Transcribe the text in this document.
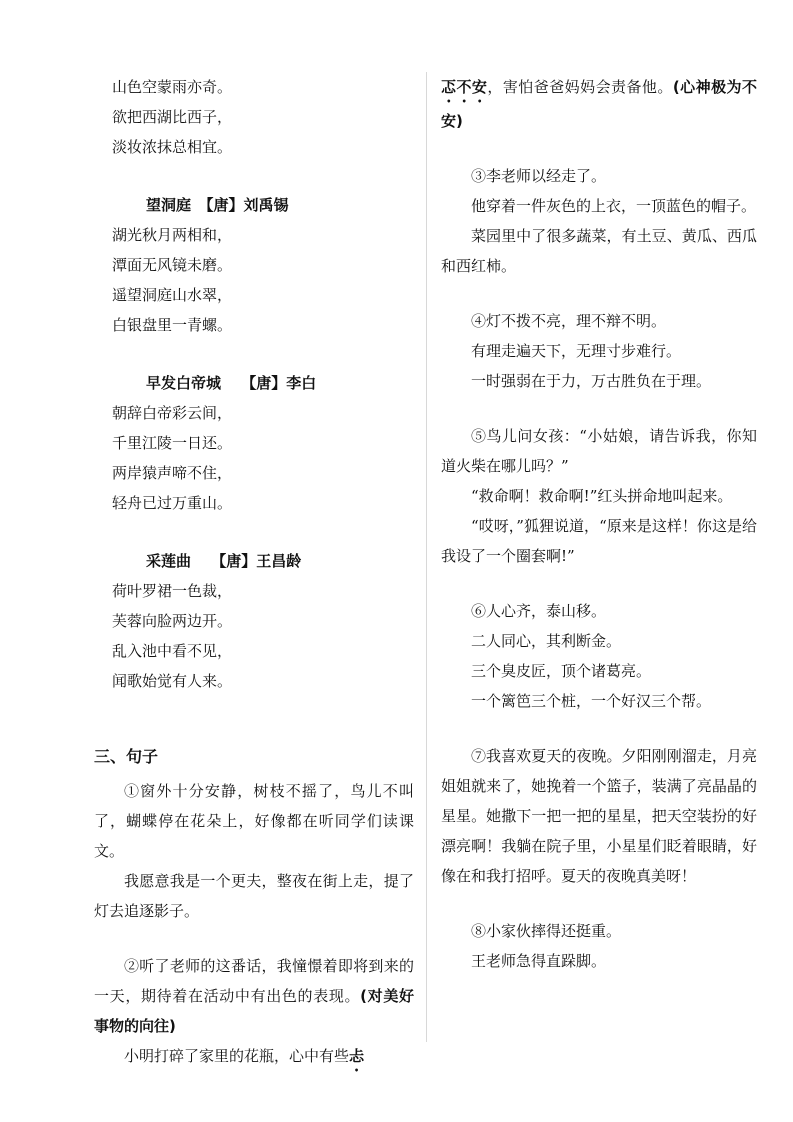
山色空蒙雨亦奇。
欲把西湖比西子，
淡妆浓抹总相宜。
望洞庭　【唐】刘禹锡
湖光秋月两相和，
潭面无风镜未磨。
遥望洞庭山水翠，
白银盘里一青螺。
早发白帝城　 【唐】李白
朝辞白帝彩云间，
千里江陵一日还。
两岸猿声啼不住，
轻舟已过万重山。
采莲曲　 【唐】王昌龄
荷叶罗裙一色裁，
芙蓉向脸两边开。
乱入池中看不见，
闻歌始觉有人来。
三、句子

①窗外十分安静，树枝不摇了，鸟儿不叫了，蝴蝶停在花朵上，好像都在听同学们读课文。

我愿意我是一个更夫，整夜在街上走，提了灯去追逐影子。

②听了老师的这番话，我憧憬着即将到来的一天，期待着在活动中有出色的表现。(对美好事物的向往)

小明打碎了家里的花瓶，心中有些忐

忑不安，害怕爸爸妈妈会责备他。(心神极为不安)

③李老师以经走了。

他穿着一件灰色的上衣，一顶蓝色的帽子。

菜园里中了很多蔬菜，有土豆、黄瓜、西瓜和西红柿。

④灯不拨不亮，理不辩不明。

有理走遍天下，无理寸步难行。

一时强弱在于力，万古胜负在于理。

⑤鸟儿问女孩：“小姑娘，请告诉我，你知道火柴在哪儿吗？”

“救命啊！救命啊!”红头拼命地叫起来。

“哎呀，”狐狸说道，“原来是这样！你这是给我设了一个圈套啊!”

⑥人心齐，泰山移。

二人同心，其利断金。

三个臭皮匠，顶个诸葛亮。

一个篱笆三个桩，一个好汉三个帮。

⑦我喜欢夏天的夜晚。夕阳刚刚溜走，月亮姐姐就来了，她挽着一个篮子，装满了亮晶晶的星星。她撒下一把一把的星星，把天空装扮的好漂亮啊！我躺在院子里，小星星们眨着眼睛，好像在和我打招呼。夏天的夜晚真美呀！

⑧小家伙摔得还挺重。

王老师急得直跺脚。
